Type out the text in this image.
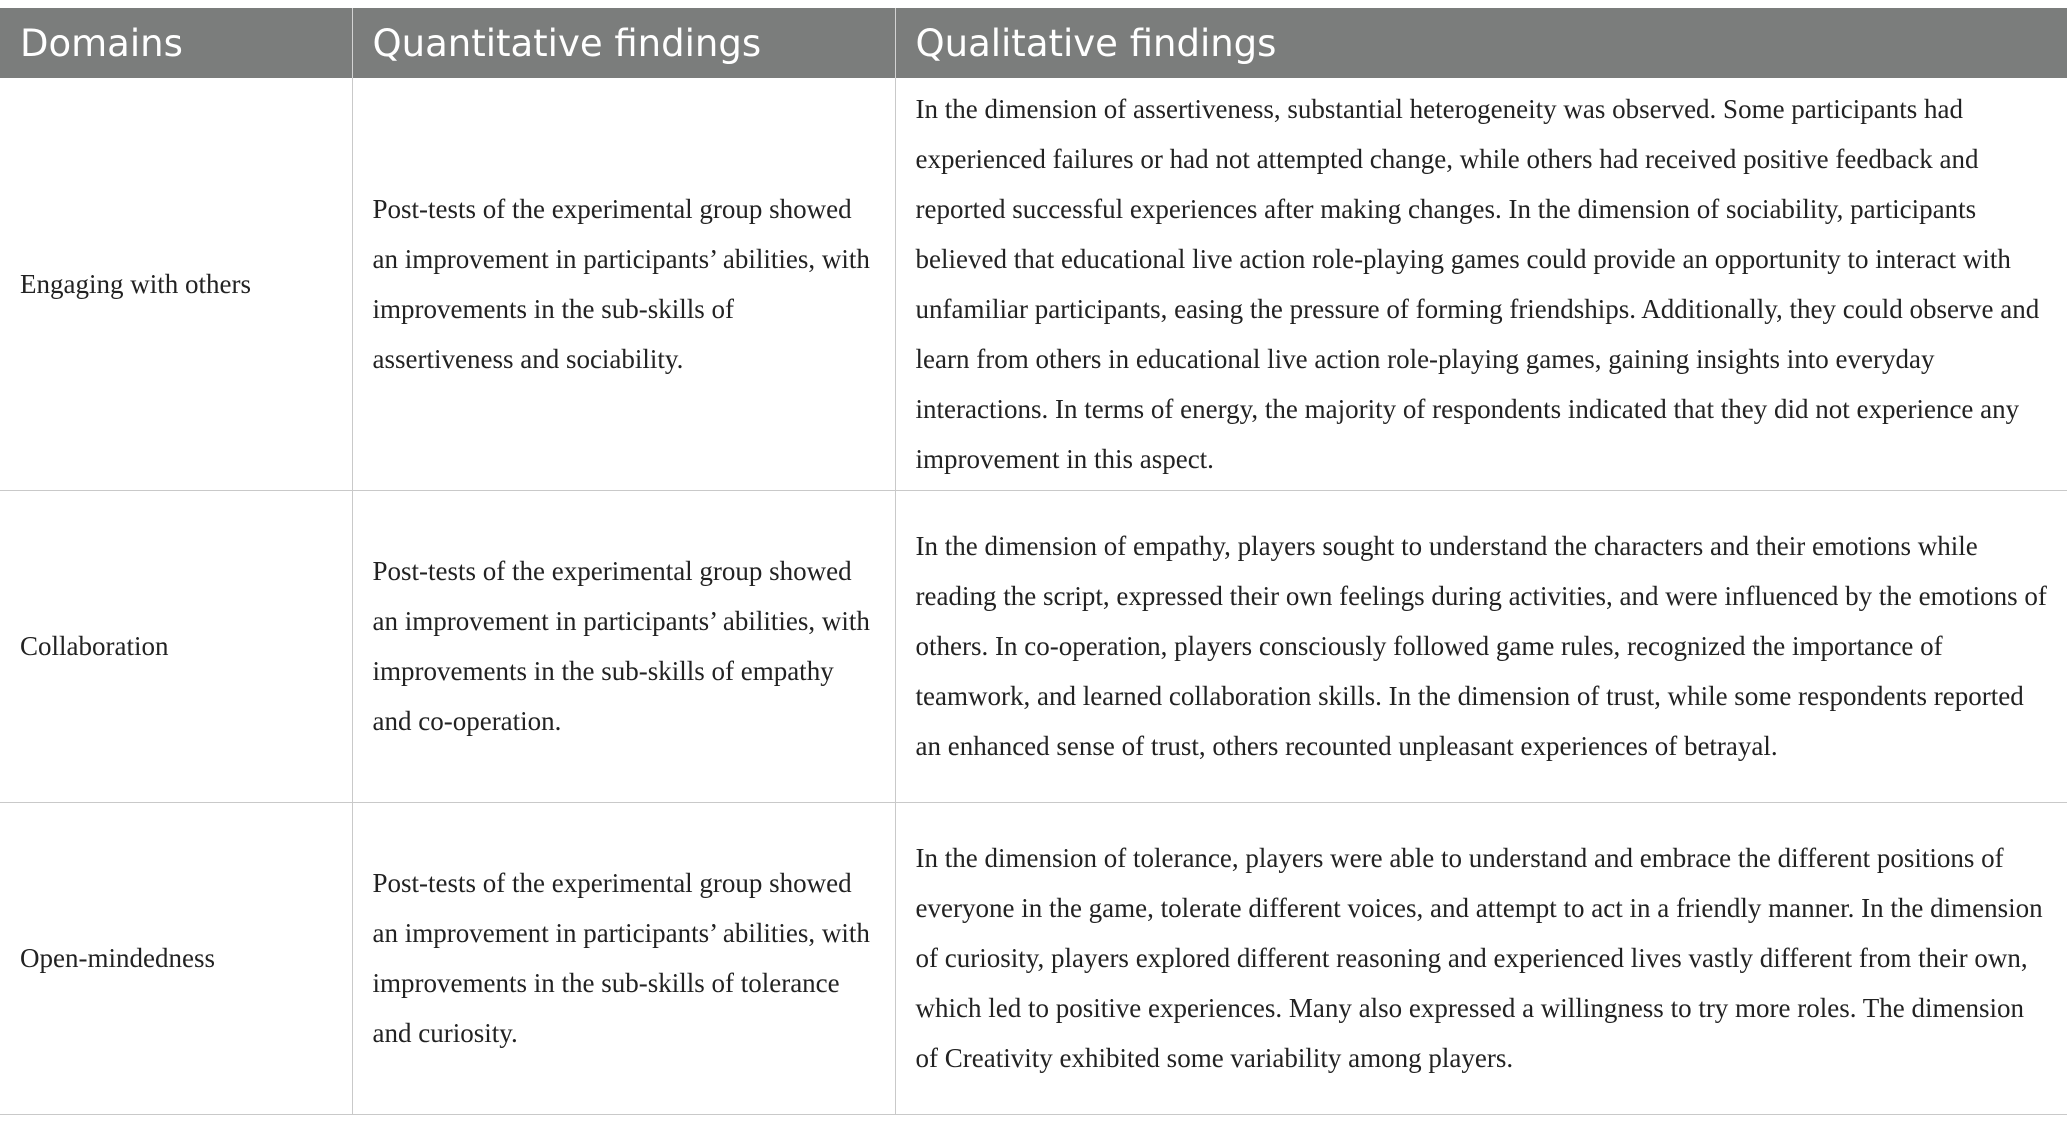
Domains	Quantitative findings	Qualitative findings
Engaging with others	Post-tests of the experimental group showed an improvement in participants’ abilities, with improvements in the sub-skills of assertiveness and sociability.	In the dimension of assertiveness, substantial heterogeneity was observed. Some participants had experienced failures or had not attempted change, while others had received positive feedback and reported successful experiences after making changes. In the dimension of sociability, participants believed that educational live action role-playing games could provide an opportunity to interact with unfamiliar participants, easing the pressure of forming friendships. Additionally, they could observe and learn from others in educational live action role-playing games, gaining insights into everyday interactions. In terms of energy, the majority of respondents indicated that they did not experience any improvement in this aspect.
Collaboration	Post-tests of the experimental group showed an improvement in participants’ abilities, with improvements in the sub-skills of empathy and co-operation.	In the dimension of empathy, players sought to understand the characters and their emotions while reading the script, expressed their own feelings during activities, and were influenced by the emotions of others. In co-operation, players consciously followed game rules, recognized the importance of teamwork, and learned collaboration skills. In the dimension of trust, while some respondents reported an enhanced sense of trust, others recounted unpleasant experiences of betrayal.
Open-mindedness	Post-tests of the experimental group showed an improvement in participants’ abilities, with improvements in the sub-skills of tolerance and curiosity.	In the dimension of tolerance, players were able to understand and embrace the different positions of everyone in the game, tolerate different voices, and attempt to act in a friendly manner. In the dimension of curiosity, players explored different reasoning and experienced lives vastly different from their own, which led to positive experiences. Many also expressed a willingness to try more roles. The dimension of Creativity exhibited some variability among players.
